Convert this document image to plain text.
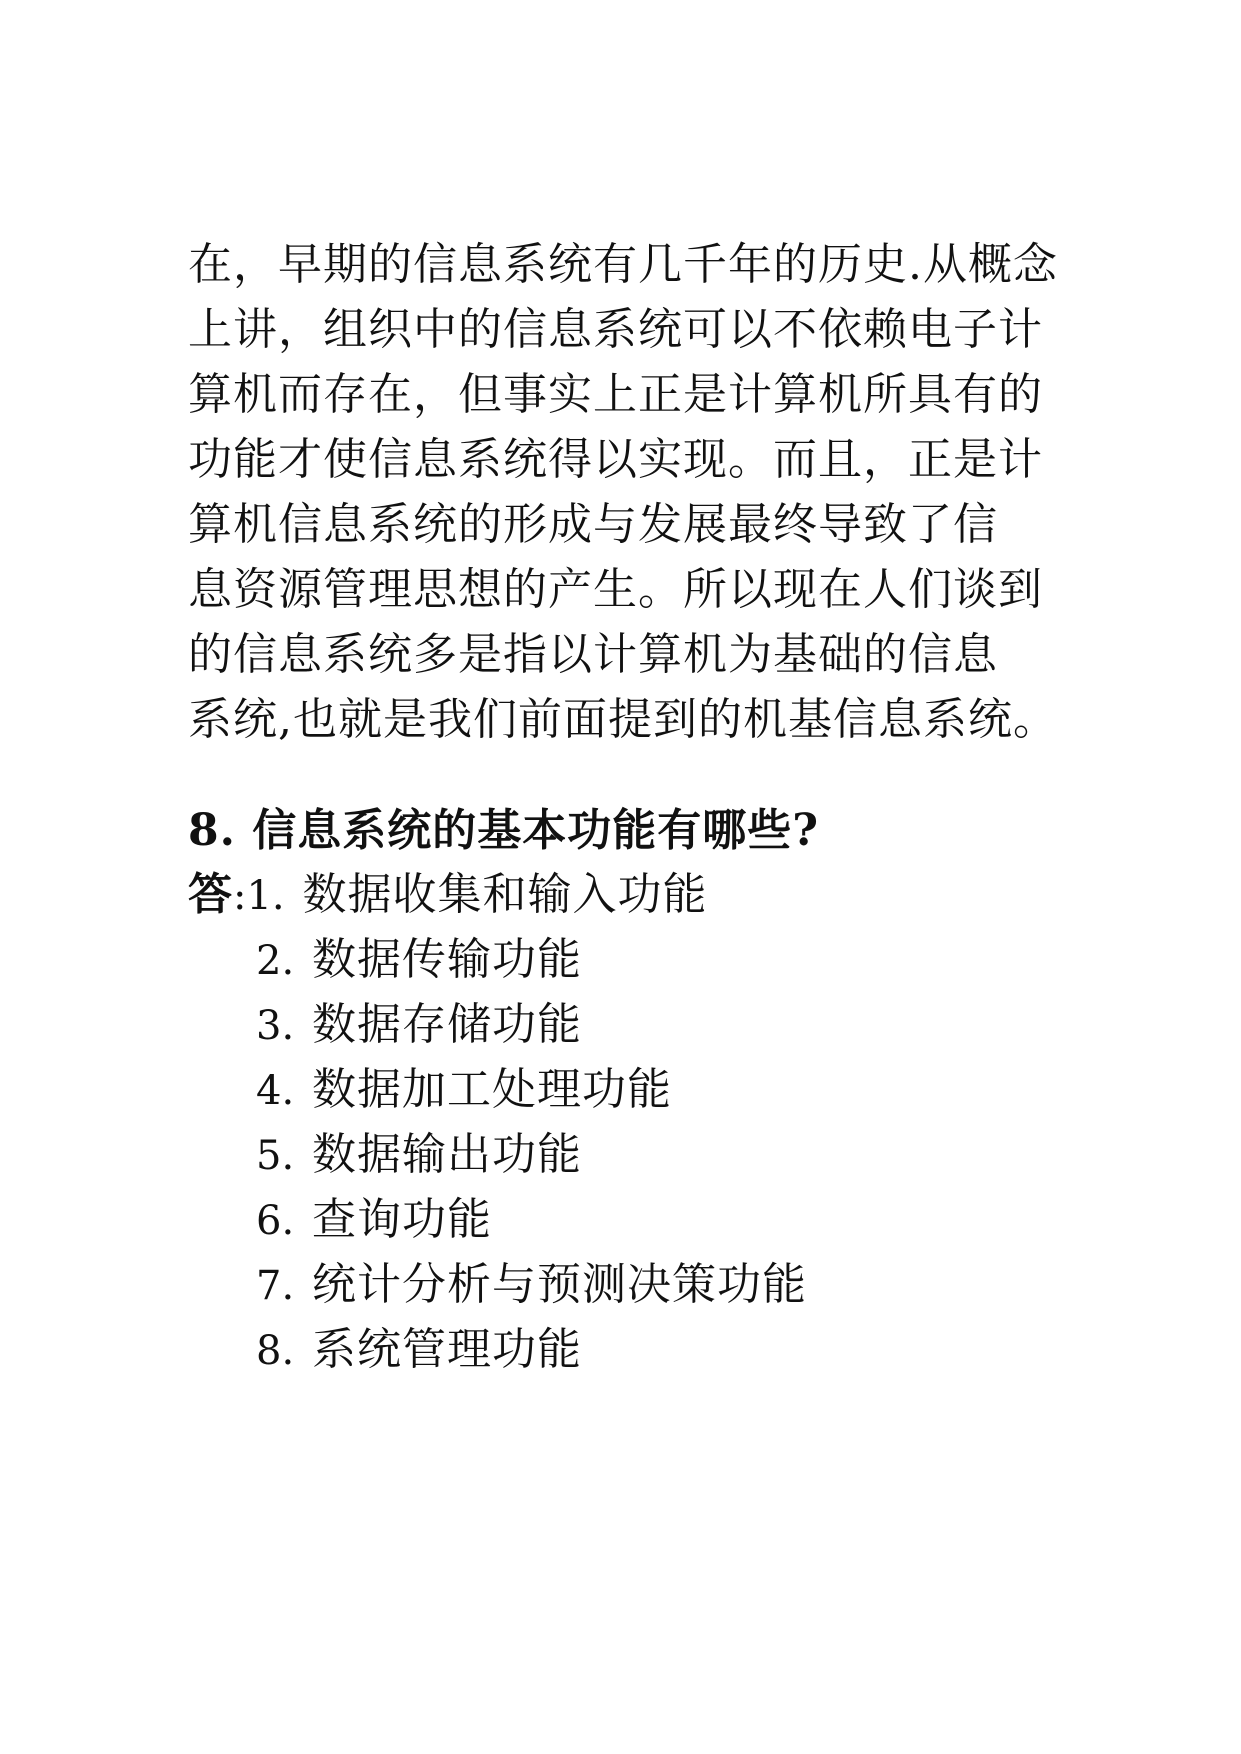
在，早期的信息系统有几千年的历史.从概念
上讲，组织中的信息系统可以不依赖电子计
算机而存在，但事实上正是计算机所具有的
功能才使信息系统得以实现。而且，正是计
算机信息系统的形成与发展最终导致了信
息资源管理思想的产生。所以现在人们谈到
的信息系统多是指以计算机为基础的信息
系统,也就是我们前面提到的机基信息系统。
8. 信息系统的基本功能有哪些?
答 : 1. 数据收集和输入功能
2. 数据传输功能
3. 数据存储功能
4. 数据加工处理功能
5. 数据输出功能
6. 查询功能
7. 统计分析与预测决策功能
8. 系统管理功能
